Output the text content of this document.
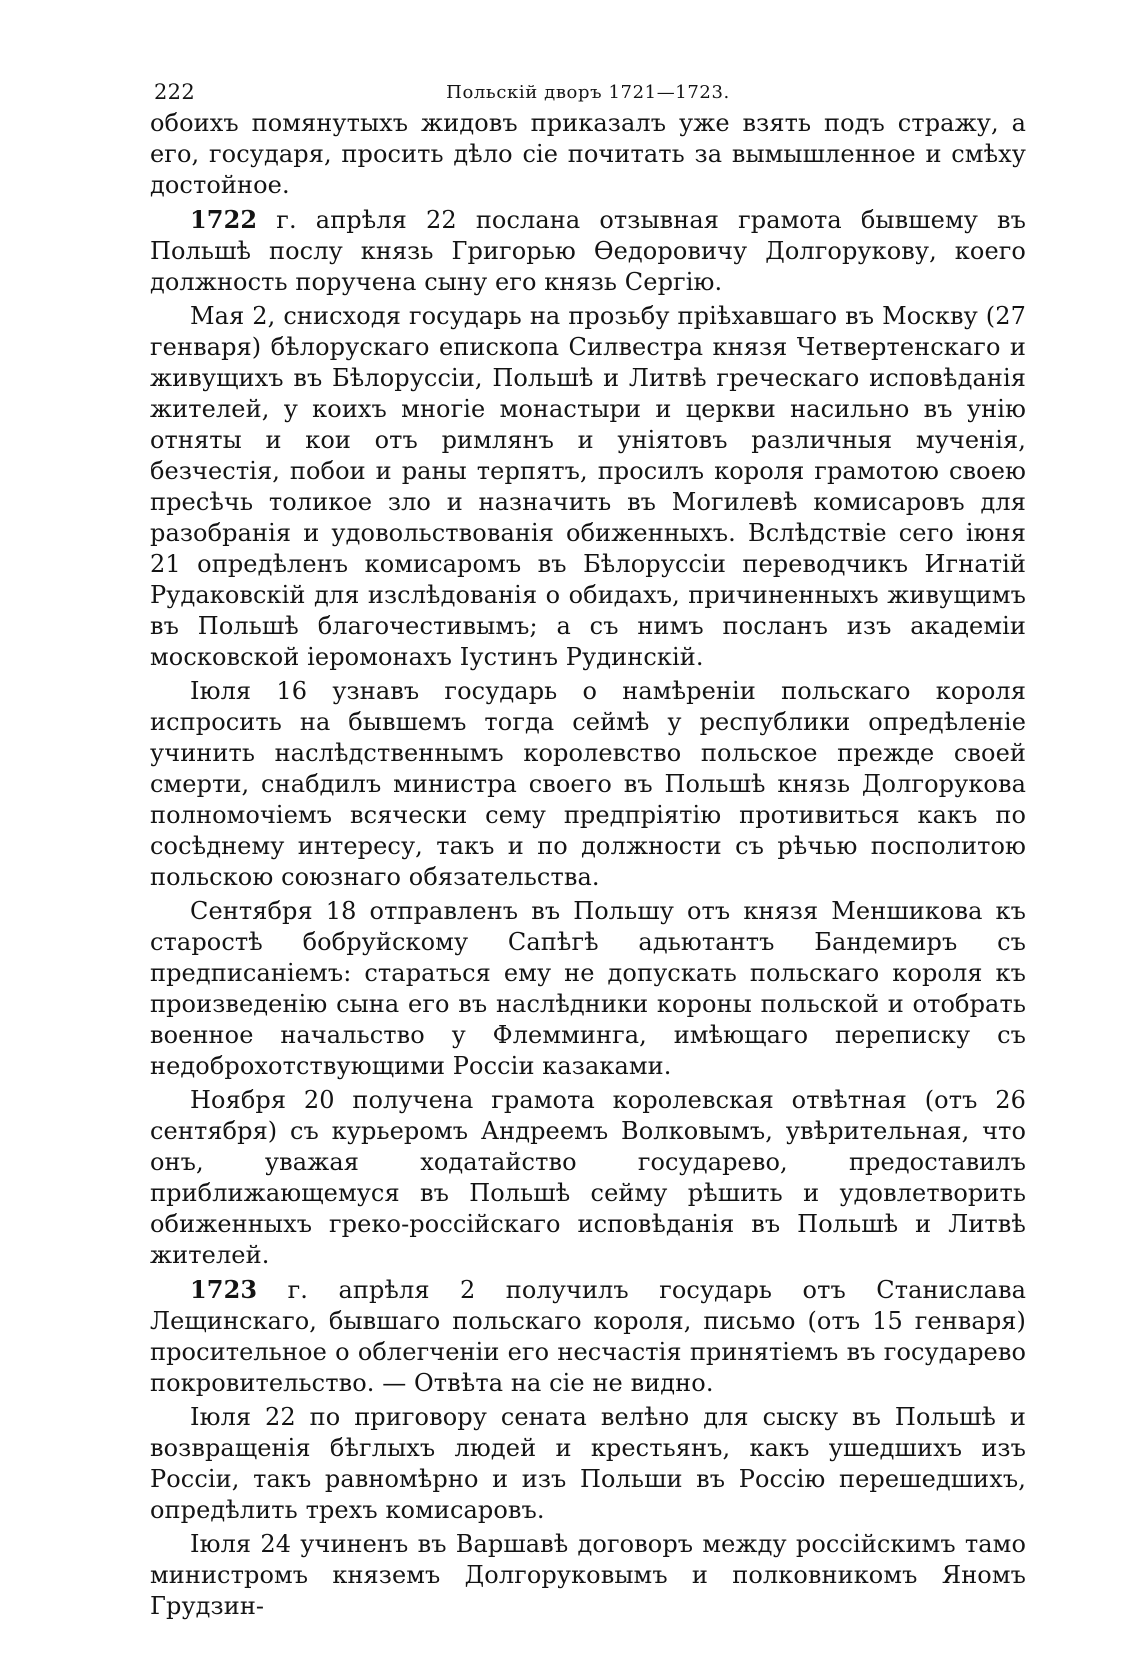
222	Польскій дворъ 1721—1723.

обоихъ помянутыхъ жидовъ приказалъ уже взять подъ стражу, а его, государя, просить дѣло сіе почитать за вымышленное и смѣху достойное.

1722 г. апрѣля 22 послана отзывная грамота бывшему въ Польшѣ послу князь Григорью Ѳедоровичу Долгорукову, коего должность поручена сыну его князь Сергію.

Мая 2, снисходя государь на прозьбу пріѣхавшаго въ Москву (27 генваря) бѣлорускаго епископа Силвестра князя Четвертенскаго и живущихъ въ Бѣлоруссіи, Польшѣ и Литвѣ греческаго исповѣданія жителей, у коихъ многіе монастыри и церкви насильно въ унію отняты и кои отъ римлянъ и уніятовъ различныя мученія, безчестія, побои и раны терпятъ, просилъ короля грамотою своею пресѣчь толикое зло и назначить въ Могилевѣ комисаровъ для разобранія и удовольствованія обиженныхъ. Вслѣдствіе сего іюня 21 опредѣленъ комисаромъ въ Бѣлоруссіи переводчикъ Игнатій Рудаковскій для изслѣдованія о обидахъ, причиненныхъ живущимъ въ Польшѣ благочестивымъ; а съ нимъ посланъ изъ академіи московской іеромонахъ Іустинъ Рудинскій.

Іюля 16 узнавъ государь о намѣреніи польскаго короля испросить на бывшемъ тогда сеймѣ у республики опредѣленіе учинить наслѣдственнымъ королевство польское прежде своей смерти, снабдилъ министра своего въ Польшѣ князь Долгорукова полномочіемъ всячески сему предпріятію противиться какъ по сосѣднему интересу, такъ и по должности съ рѣчью посполитою польскою союзнаго обязательства.

Сентября 18 отправленъ въ Польшу отъ князя Меншикова къ старостѣ бобруйскому Сапѣгѣ адьютантъ Бандемиръ съ предписаніемъ: стараться ему не допускать польскаго короля къ произведенію сына его въ наслѣдники короны польской и отобрать военное начальство у Флемминга, имѣющаго переписку съ недоброхотствующими Россіи казаками.

Ноября 20 получена грамота королевская отвѣтная (отъ 26 сентября) съ курьеромъ Андреемъ Волковымъ, увѣрительная, что онъ, уважая ходатайство государево, предоставилъ приближающемуся въ Польшѣ сейму рѣшить и удовлетворить обиженныхъ греко-россійскаго исповѣданія въ Польшѣ и Литвѣ жителей.

1723 г. апрѣля 2 получилъ государь отъ Станислава Лещинскаго, бывшаго польскаго короля, письмо (отъ 15 генваря) просительное о облегченіи его несчастія принятіемъ въ государево покровительство. — Отвѣта на сіе не видно.

Іюля 22 по приговору сената велѣно для сыску въ Польшѣ и возвращенія бѣглыхъ людей и крестьянъ, какъ ушедшихъ изъ Россіи, такъ равномѣрно и изъ Польши въ Россію перешедшихъ, опредѣлить трехъ комисаровъ.

Іюля 24 учиненъ въ Варшавѣ договоръ между россійскимъ тамо министромъ княземъ Долгоруковымъ и полковникомъ Яномъ Грудзин-
